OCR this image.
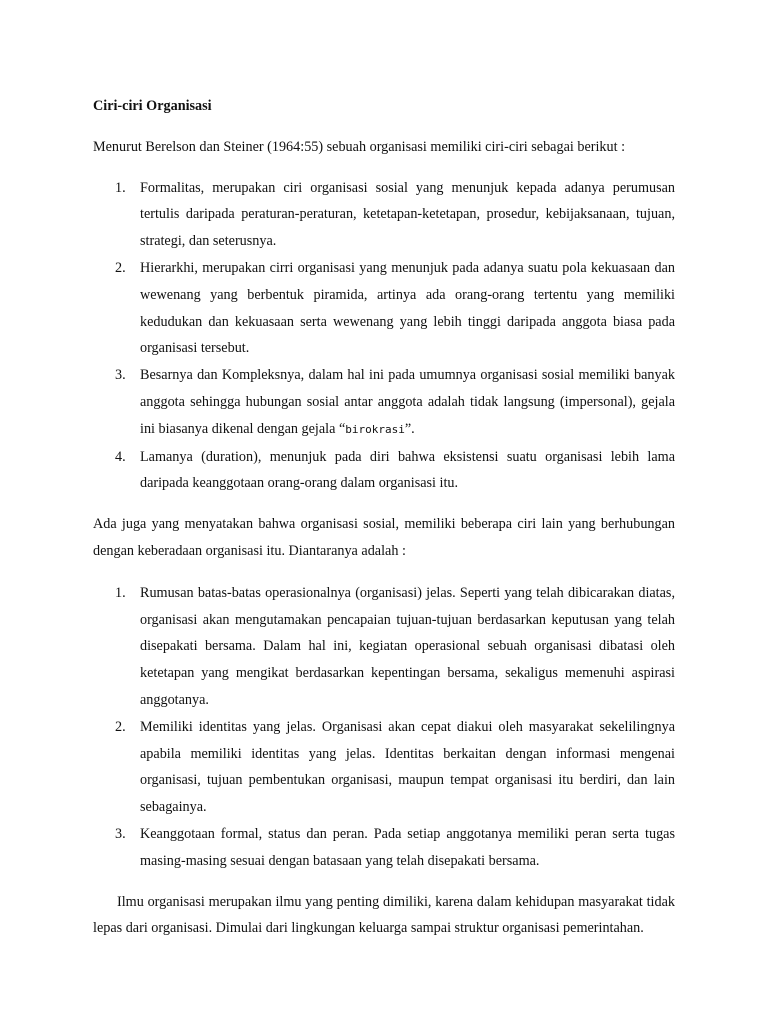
Ciri-ciri Organisasi

Menurut Berelson dan Steiner (1964:55) sebuah organisasi memiliki ciri-ciri sebagai berikut :

1. Formalitas, merupakan ciri organisasi sosial yang menunjuk kepada adanya perumusan tertulis daripada peraturan-peraturan, ketetapan-ketetapan, prosedur, kebijaksanaan, tujuan, strategi, dan seterusnya.
2. Hierarkhi, merupakan cirri organisasi yang menunjuk pada adanya suatu pola kekuasaan dan wewenang yang berbentuk piramida, artinya ada orang-orang tertentu yang memiliki kedudukan dan kekuasaan serta wewenang yang lebih tinggi daripada anggota biasa pada organisasi tersebut.
3. Besarnya dan Kompleksnya, dalam hal ini pada umumnya organisasi sosial memiliki banyak anggota sehingga hubungan sosial antar anggota adalah tidak langsung (impersonal), gejala ini biasanya dikenal dengan gejala “birokrasi”.
4. Lamanya (duration), menunjuk pada diri bahwa eksistensi suatu organisasi lebih lama daripada keanggotaan orang-orang dalam organisasi itu.

Ada juga yang menyatakan bahwa organisasi sosial, memiliki beberapa ciri lain yang berhubungan dengan keberadaan organisasi itu. Diantaranya adalah :

1. Rumusan batas-batas operasionalnya (organisasi) jelas. Seperti yang telah dibicarakan diatas, organisasi akan mengutamakan pencapaian tujuan-tujuan berdasarkan keputusan yang telah disepakati bersama. Dalam hal ini, kegiatan operasional sebuah organisasi dibatasi oleh ketetapan yang mengikat berdasarkan kepentingan bersama, sekaligus memenuhi aspirasi anggotanya.
2. Memiliki identitas yang jelas. Organisasi akan cepat diakui oleh masyarakat sekelilingnya apabila memiliki identitas yang jelas. Identitas berkaitan dengan informasi mengenai organisasi, tujuan pembentukan organisasi, maupun tempat organisasi itu berdiri, dan lain sebagainya.
3. Keanggotaan formal, status dan peran. Pada setiap anggotanya memiliki peran serta tugas masing-masing sesuai dengan batasaan yang telah disepakati bersama.

Ilmu organisasi merupakan ilmu yang penting dimiliki, karena dalam kehidupan masyarakat tidak lepas dari organisasi. Dimulai dari lingkungan keluarga sampai struktur organisasi pemerintahan.
